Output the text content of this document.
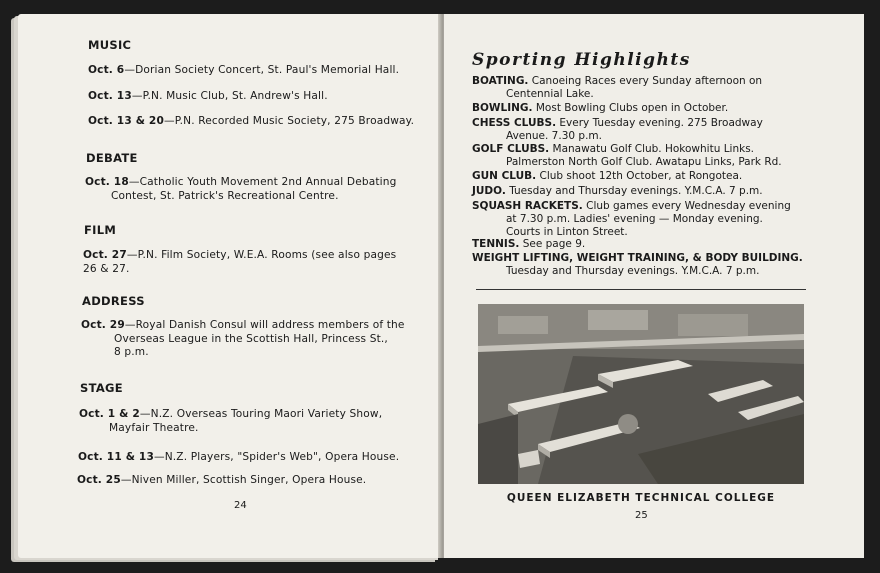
MUSIC
Oct. 6—Dorian Society Concert, St. Paul's Memorial Hall.
Oct. 13—P.N. Music Club, St. Andrew's Hall.
Oct. 13 & 20—P.N. Recorded Music Society, 275 Broadway.
DEBATE
Oct. 18—Catholic Youth Movement 2nd Annual Debating
Contest, St. Patrick's Recreational Centre.
FILM
Oct. 27—P.N. Film Society, W.E.A. Rooms (see also pages
26 & 27.
ADDRESS
Oct. 29—Royal Danish Consul will address members of the
Overseas League in the Scottish Hall, Princess St.,
8 p.m.
STAGE
Oct. 1 & 2—N.Z. Overseas Touring Maori Variety Show,
Mayfair Theatre.
Oct. 11 & 13—N.Z. Players, "Spider's Web", Opera House.
Oct. 25—Niven Miller, Scottish Singer, Opera House.
24
Sporting Highlights
BOATING. Canoeing Races every Sunday afternoon on
Centennial Lake.
BOWLING. Most Bowling Clubs open in October.
CHESS CLUBS. Every Tuesday evening. 275 Broadway
Avenue. 7.30 p.m.
GOLF CLUBS. Manawatu Golf Club. Hokowhitu Links.
Palmerston North Golf Club. Awatapu Links, Park Rd.
GUN CLUB. Club shoot 12th October, at Rongotea.
JUDO. Tuesday and Thursday evenings. Y.M.C.A. 7 p.m.
SQUASH RACKETS. Club games every Wednesday evening
at 7.30 p.m. Ladies' evening — Monday evening.
Courts in Linton Street.
TENNIS. See page 9.
WEIGHT LIFTING, WEIGHT TRAINING, & BODY BUILDING.
Tuesday and Thursday evenings. Y.M.C.A. 7 p.m.
QUEEN ELIZABETH TECHNICAL COLLEGE
25
